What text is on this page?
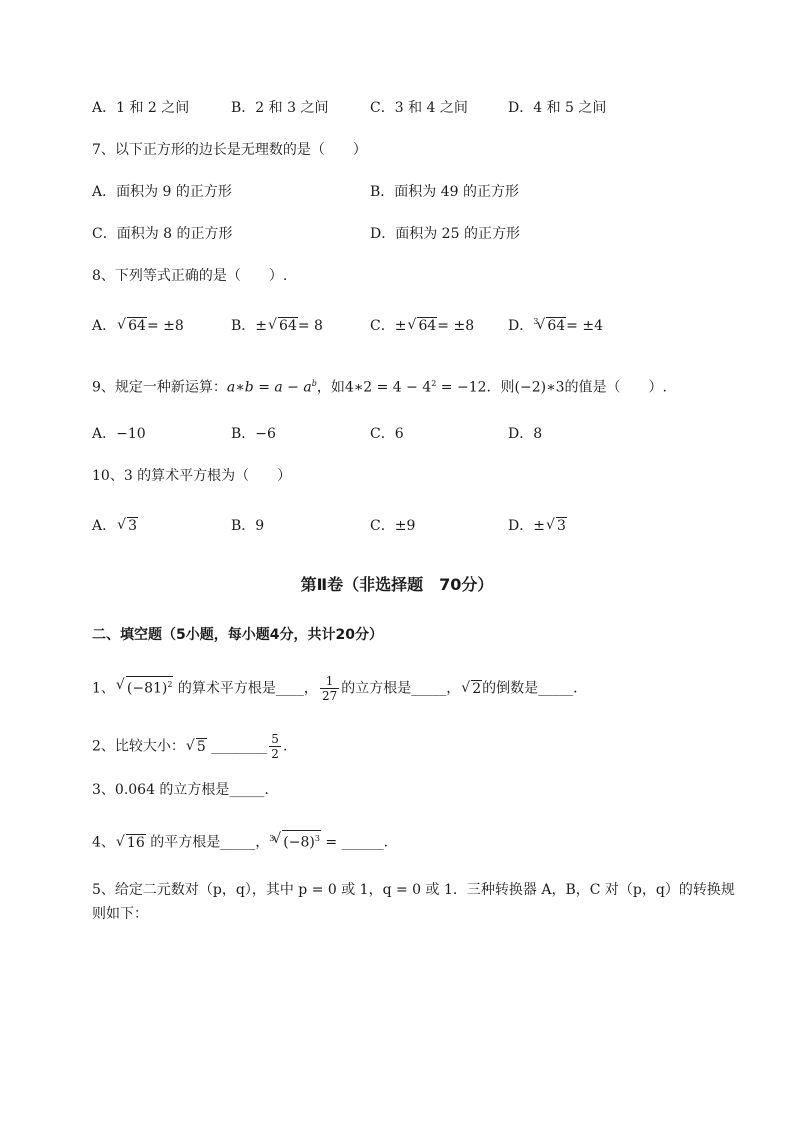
A．1 和 2 之间	B．2 和 3 之间	C．3 和 4 之间	D．4 和 5 之间
7、以下正方形的边长是无理数的是（　　）
A．面积为 9 的正方形	B．面积为 49 的正方形
C．面积为 8 的正方形	D．面积为 25 的正方形
8、下列等式正确的是（　　）.
A． √ 64= ±8	B．± √ 64= 8	C．± √ 64= ±8 D．$^3$ √ 64= ±4
9、规定一种新运算：a∗b = $a - a^b$，如4∗2 = $4 - 4^2 = -12$．则(−2)∗3的值是（　　）.
A．−10	B．−6	C．6	D．8
10、3 的算术平方根为（　　）
A． √ 3	B．9	C．±9	D．± √ 3
第Ⅱ卷（非选择题　70分）
二、填空题（5小题，每小题4分，共计20分）
1、 √ $(-81)^2$ 的算术平方根是____， $\frac{1}{27}$ 的立方根是_____， √ 2的倒数是_____.
2、比较大小： √ 5 ________ $\frac{5}{2}$ .
3、0.064 的立方根是_____.
4、 √ 16 的平方根是_____，$^3$ √ $(-8)^3$ = ______.
5、给定二元数对（p，q），其中 p = 0 或 1，q = 0 或 1．三种转换器 A，B，C 对（p，q）的转换规则如下：
